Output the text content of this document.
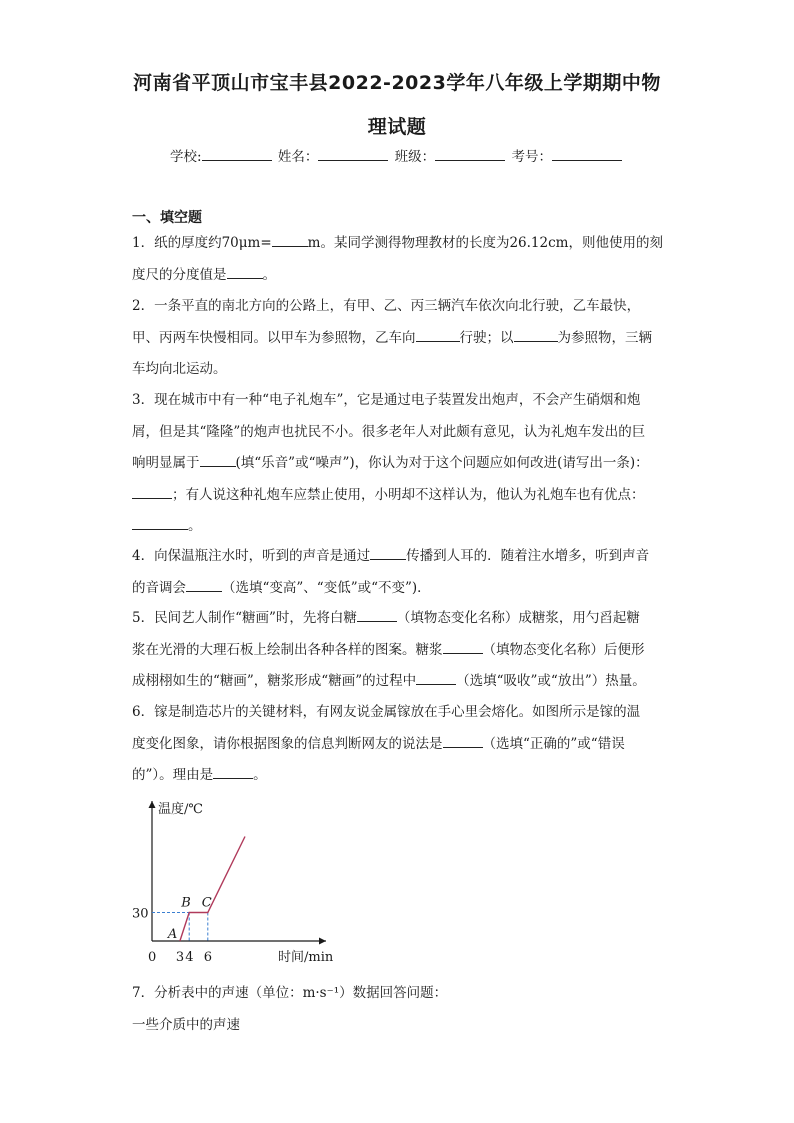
河南省平顶山市宝丰县2022-2023学年八年级上学期期中物
理试题
学校:	姓名：	班级：	考号：
一、填空题
1．纸的厚度约70μm=	m。某同学测得物理教材的长度为26.12cm，则他使用的刻
度尺的分度值是	。
2．一条平直的南北方向的公路上，有甲、乙、丙三辆汽车依次向北行驶，乙车最快，
甲、丙两车快慢相同。以甲车为参照物，乙车向	行驶；以	为参照物，三辆
车均向北运动。
3．现在城市中有一种“电子礼炮车”，它是通过电子装置发出炮声，不会产生硝烟和炮
屑，但是其“隆隆”的炮声也扰民不小。很多老年人对此颇有意见，认为礼炮车发出的巨
响明显属于	(填“乐音”或“噪声”)，你认为对于这个问题应如何改进(请写出一条)：
；有人说这种礼炮车应禁止使用，小明却不这样认为，他认为礼炮车也有优点：
。
4．向保温瓶注水时，听到的声音是通过	传播到人耳的．随着注水增多，听到声音
的音调会	（选填“变高”、“变低”或“不变”)．
5．民间艺人制作“糖画”时，先将白糖	（填物态变化名称）成糖浆，用勺舀起糖
浆在光滑的大理石板上绘制出各种各样的图案。糖浆	（填物态变化名称）后便形
成栩栩如生的“糖画”，糖浆形成“糖画”的过程中	（选填“吸收”或“放出”）热量。
6．镓是制造芯片的关键材料，有网友说金属镓放在手心里会熔化。如图所示是镓的温
度变化图象，请你根据图象的信息判断网友的说法是	（选填“正确的”或“错误
的”）。理由是	。
温度/℃
时间/min
A
B C
0 3 4 6
30
7．分析表中的声速（单位：m·s⁻¹）数据回答问题：
一些介质中的声速
